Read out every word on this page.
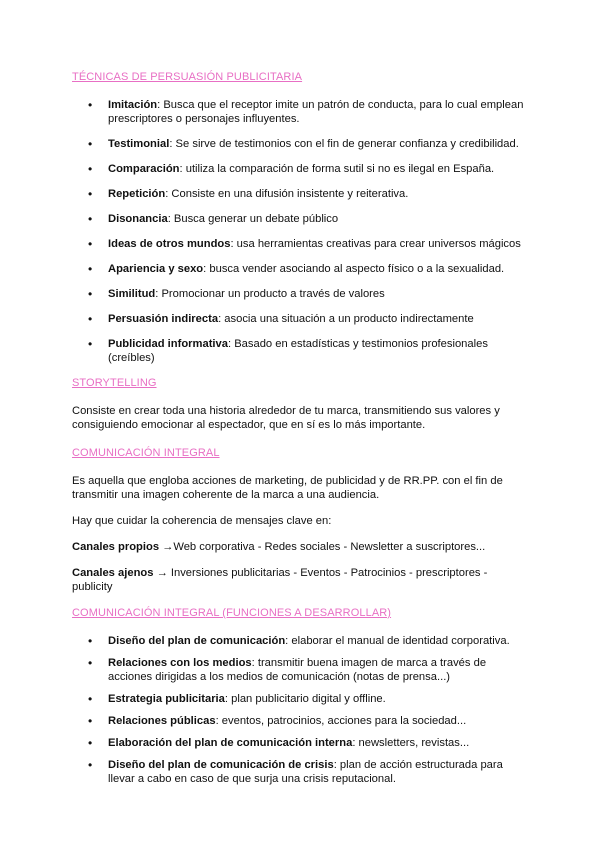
TÉCNICAS DE PERSUASIÓN PUBLICITARIA
• Imitación: Busca que el receptor imite un patrón de conducta, para lo cual emplean prescriptores o personajes influyentes.
• Testimonial: Se sirve de testimonios con el fin de generar confianza y credibilidad.
• Comparación: utiliza la comparación de forma sutil si no es ilegal en España.
• Repetición: Consiste en una difusión insistente y reiterativa.
• Disonancia: Busca generar un debate público
• Ideas de otros mundos: usa herramientas creativas para crear universos mágicos
• Apariencia y sexo: busca vender asociando al aspecto físico o a la sexualidad.
• Similitud: Promocionar un producto a través de valores
• Persuasión indirecta: asocia una situación a un producto indirectamente
• Publicidad informativa: Basado en estadísticas y testimonios profesionales (creíbles)
STORYTELLING

Consiste en crear toda una historia alrededor de tu marca, transmitiendo sus valores y consiguiendo emocionar al espectador, que en sí es lo más importante.

COMUNICACIÓN INTEGRAL

Es aquella que engloba acciones de marketing, de publicidad y de RR.PP. con el fin de transmitir una imagen coherente de la marca a una audiencia.

Hay que cuidar la coherencia de mensajes clave en:

Canales propios →Web corporativa - Redes sociales - Newsletter a suscriptores...

Canales ajenos → Inversiones publicitarias - Eventos - Patrocinios - prescriptores - publicity

COMUNICACIÓN INTEGRAL (FUNCIONES A DESARROLLAR)
• Diseño del plan de comunicación: elaborar el manual de identidad corporativa.
• Relaciones con los medios: transmitir buena imagen de marca a través de acciones dirigidas a los medios de comunicación (notas de prensa...)
• Estrategia publicitaria: plan publicitario digital y offline.
• Relaciones públicas: eventos, patrocinios, acciones para la sociedad...
• Elaboración del plan de comunicación interna: newsletters, revistas...
• Diseño del plan de comunicación de crisis: plan de acción estructurada para llevar a cabo en caso de que surja una crisis reputacional.
